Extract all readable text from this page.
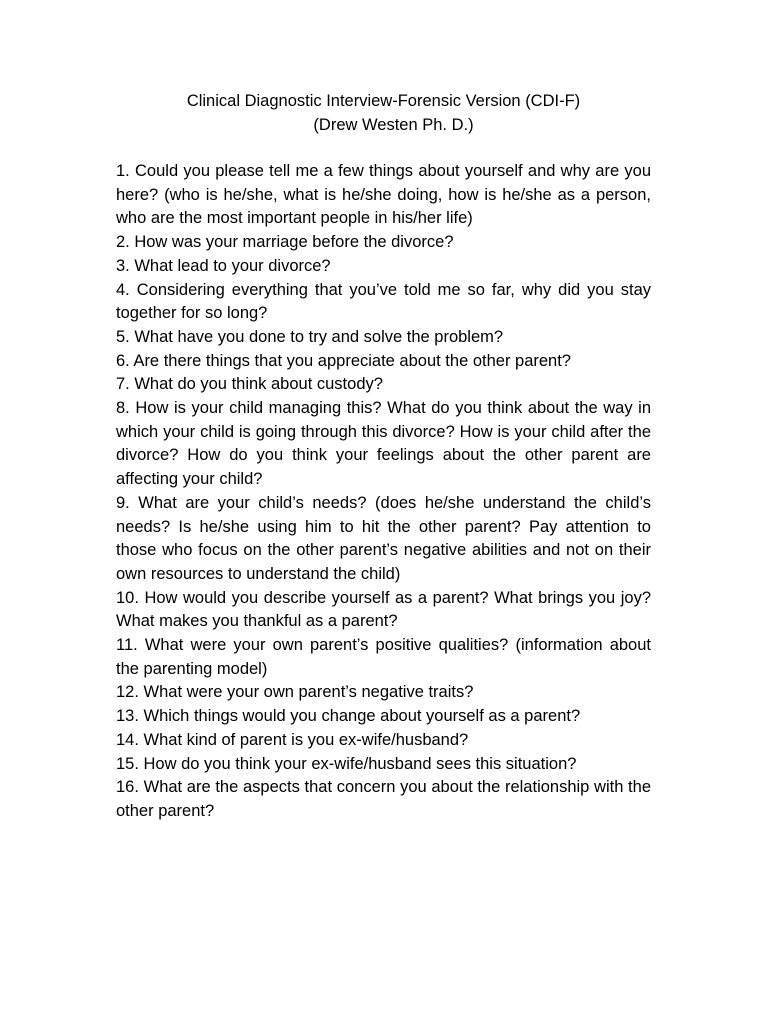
Clinical Diagnostic Interview-Forensic Version (CDI-F)
(Drew Westen Ph. D.)

1. Could you please tell me a few things about yourself and why are you here? (who is he/she, what is he/she doing, how is he/she as a person, who are the most important people in his/her life)

2. How was your marriage before the divorce?

3. What lead to your divorce?

4. Considering everything that you’ve told me so far, why did you stay together for so long?

5. What have you done to try and solve the problem?

6. Are there things that you appreciate about the other parent?

7. What do you think about custody?

8. How is your child managing this? What do you think about the way in which your child is going through this divorce? How is your child after the divorce? How do you think your feelings about the other parent are affecting your child?

9. What are your child’s needs? (does he/she understand the child’s needs? Is he/she using him to hit the other parent? Pay attention to those who focus on the other parent’s negative abilities and not on their own resources to understand the child)

10. How would you describe yourself as a parent? What brings you joy? What makes you thankful as a parent?

11. What were your own parent’s positive qualities? (information about the parenting model)

12. What were your own parent’s negative traits?

13. Which things would you change about yourself as a parent?

14. What kind of parent is you ex-wife/husband?

15. How do you think your ex-wife/husband sees this situation?

16. What are the aspects that concern you about the relationship with the other parent?
